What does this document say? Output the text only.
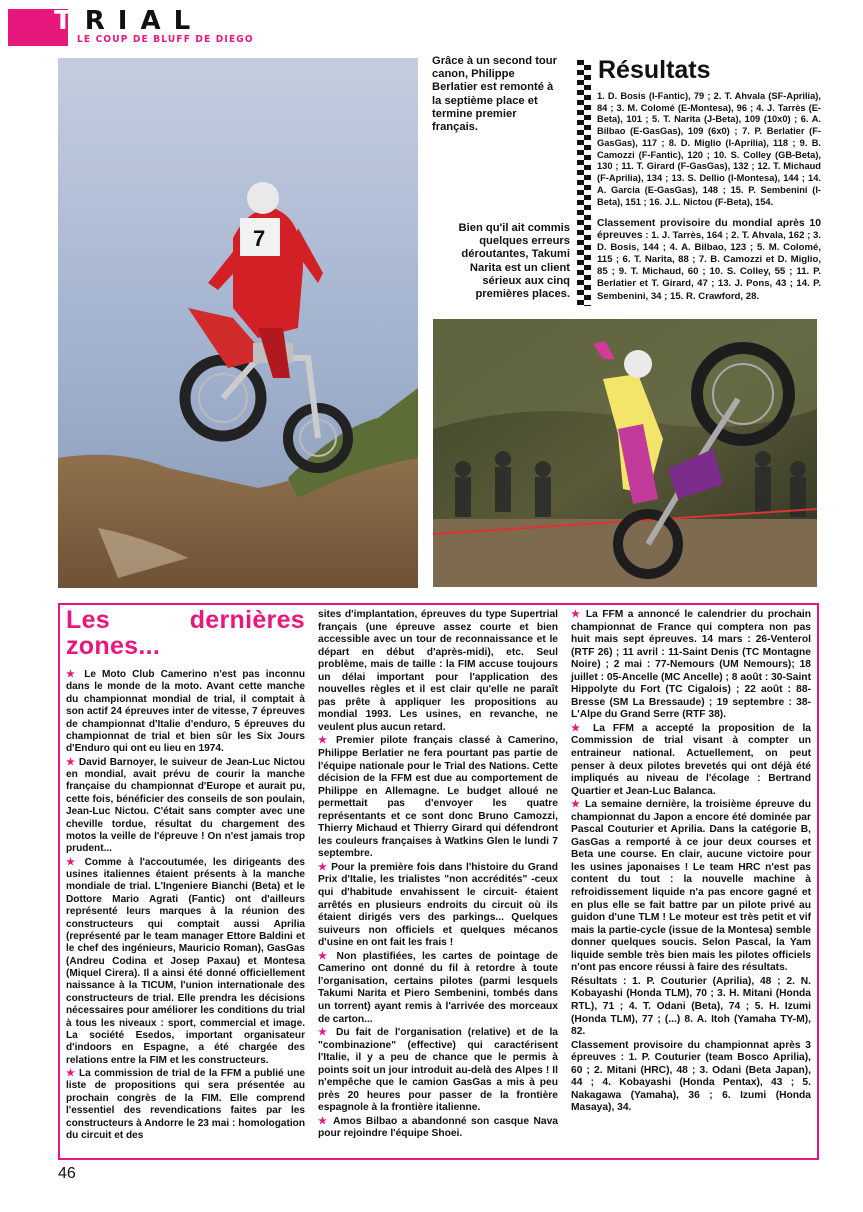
TRIAL
LE COUP DE BLUFF DE DIEGO
7
Grâce à un second tour canon, Philippe Berlatier est remonté à la septième place et termine premier français.
Bien qu'il ait commis quelques erreurs déroutantes, Takumi Narita est un client sérieux aux cinq premières places.
Résultats
1. D. Bosis (I-Fantic), 79 ; 2. T. Ahvala (SF-Aprilia), 84 ; 3. M. Colomé (E-Montesa), 96 ; 4. J. Tarrès (E-Beta), 101 ; 5. T. Narita (J-Beta), 109 (10x0) ; 6. A. Bilbao (E-GasGas), 109 (6x0) ; 7. P. Berlatier (F-GasGas), 117 ; 8. D. Miglio (I-Aprilia), 118 ; 9. B. Camozzi (F-Fantic), 120 ; 10. S. Colley (GB-Beta), 130 ; 11. T. Girard (F-GasGas), 132 ; 12. T. Michaud (F-Aprilia), 134 ; 13. S. Dellio (I-Montesa), 144 ; 14. A. Garcia (E-GasGas), 148 ; 15. P. Sembenini (I-Beta), 151 ; 16. J.L. Nictou (F-Beta), 154.
Classement provisoire du mondial après 10 épreuves : 1. J. Tarrès, 164 ; 2. T. Ahvala, 162 ; 3. D. Bosis, 144 ; 4. A. Bilbao, 123 ; 5. M. Colomé, 115 ; 6. T. Narita, 88 ; 7. B. Camozzi et D. Miglio, 85 ; 9. T. Michaud, 60 ; 10. S. Colley, 55 ; 11. P. Berlatier et T. Girard, 47 ; 13. J. Pons, 43 ; 14. P. Sembenini, 34 ; 15. R. Crawford, 28.
Les dernières zones...

★ Le Moto Club Camerino n'est pas inconnu dans le monde de la moto. Avant cette manche du championnat mondial de trial, il comptait à son actif 24 épreuves inter de vitesse, 7 épreuves de championnat d'Italie d'enduro, 5 épreuves du championnat de trial et bien sûr les Six Jours d'Enduro qui ont eu lieu en 1974.

★ David Barnoyer, le suiveur de Jean-Luc Nictou en mondial, avait prévu de courir la manche française du championnat d'Europe et aurait pu, cette fois, bénéficier des conseils de son poulain, Jean-Luc Nictou. C'était sans compter avec une cheville tordue, résultat du chargement des motos la veille de l'épreuve ! On n'est jamais trop prudent...

★ Comme à l'accoutumée, les dirigeants des usines italiennes étaient présents à la manche mondiale de trial. L'Ingeniere Bianchi (Beta) et le Dottore Mario Agrati (Fantic) ont d'ailleurs représenté leurs marques à la réunion des constructeurs qui comptait aussi Aprilia (représenté par le team manager Ettore Baldini et le chef des ingénieurs, Mauricio Roman), GasGas (Andreu Codina et Josep Paxau) et Montesa (Miquel Cirera). Il a ainsi été donné officiellement naissance à la TICUM, l'union internationale des constructeurs de trial. Elle prendra les décisions nécessaires pour améliorer les conditions du trial à tous les niveaux : sport, commercial et image. La société Esedos, important organisateur d'indoors en Espagne, a été chargée des relations entre la FIM et les constructeurs.

★ La commission de trial de la FFM a publié une liste de propositions qui sera présentée au prochain congrès de la FIM. Elle comprend l'essentiel des revendications faites par les constructeurs à Andorre le 23 mai : homologation du circuit et des

sites d'implantation, épreuves du type Supertrial français (une épreuve assez courte et bien accessible avec un tour de reconnaissance et le départ en début d'après-midi), etc. Seul problème, mais de taille : la FIM accuse toujours un délai important pour l'application des nouvelles règles et il est clair qu'elle ne paraît pas prête à appliquer les propositions au mondial 1993. Les usines, en revanche, ne veulent plus aucun retard.

★ Premier pilote français classé à Camerino, Philippe Berlatier ne fera pourtant pas partie de l'équipe nationale pour le Trial des Nations. Cette décision de la FFM est due au comportement de Philippe en Allemagne. Le budget alloué ne permettait pas d'envoyer les quatre représentants et ce sont donc Bruno Camozzi, Thierry Michaud et Thierry Girard qui défendront les couleurs françaises à Watkins Glen le lundi 7 septembre.

★ Pour la première fois dans l'histoire du Grand Prix d'Italie, les trialistes "non accrédités" -ceux qui d'habitude envahissent le circuit- étaient arrêtés en plusieurs endroits du circuit où ils étaient dirigés vers des parkings... Quelques suiveurs non officiels et quelques mécanos d'usine en ont fait les frais !

★ Non plastifiées, les cartes de pointage de Camerino ont donné du fil à retordre à toute l'organisation, certains pilotes (parmi lesquels Takumi Narita et Piero Sembenini, tombés dans un torrent) ayant remis à l'arrivée des morceaux de carton...

★ Du fait de l'organisation (relative) et de la "combinazione" (effective) qui caractérisent l'Italie, il y a peu de chance que le permis à points soit un jour introduit au-delà des Alpes ! Il n'empêche que le camion GasGas a mis à peu près 20 heures pour passer de la frontière espagnole à la frontière italienne.

★ Amos Bilbao a abandonné son casque Nava pour rejoindre l'équipe Shoei.

★ La FFM a annoncé le calendrier du prochain championnat de France qui comptera non pas huit mais sept épreuves. 14 mars : 26-Venterol (RTF 26) ; 11 avril : 11-Saint Denis (TC Montagne Noire) ; 2 mai : 77-Nemours (UM Nemours); 18 juillet : 05-Ancelle (MC Ancelle) ; 8 août : 30-Saint Hippolyte du Fort (TC Cigalois) ; 22 août : 88-Bresse (SM La Bressaude) ; 19 septembre : 38-L'Alpe du Grand Serre (RTF 38).

★ La FFM a accepté la proposition de la Commission de trial visant à compter un entraineur national. Actuellement, on peut penser à deux pilotes brevetés qui ont déjà été impliqués au niveau de l'écolage : Bertrand Quartier et Jean-Luc Balanca.

★ La semaine dernière, la troisième épreuve du championnat du Japon a encore été dominée par Pascal Couturier et Aprilia. Dans la catégorie B, GasGas a remporté à ce jour deux courses et Beta une course. En clair, aucune victoire pour les usines japonaises ! Le team HRC n'est pas content du tout : la nouvelle machine à refroidissement liquide n'a pas encore gagné et en plus elle se fait battre par un pilote privé au guidon d'une TLM ! Le moteur est très petit et vif mais la partie-cycle (issue de la Montesa) semble donner quelques soucis. Selon Pascal, la Yam liquide semble très bien mais les pilotes officiels n'ont pas encore réussi à faire des résultats.

Résultats : 1. P. Couturier (Aprilia), 48 ; 2. N. Kobayashi (Honda TLM), 70 ; 3. H. Mitani (Honda RTL), 71 ; 4. T. Odani (Beta), 74 ; 5. H. Izumi (Honda TLM), 77 ; (...) 8. A. Itoh (Yamaha TY-M), 82.

Classement provisoire du championnat après 3 épreuves : 1. P. Couturier (team Bosco Aprilia), 60 ; 2. Mitani (HRC), 48 ; 3. Odani (Beta Japan), 44 ; 4. Kobayashi (Honda Pentax), 43 ; 5. Nakagawa (Yamaha), 36 ; 6. Izumi (Honda Masaya), 34.

46
